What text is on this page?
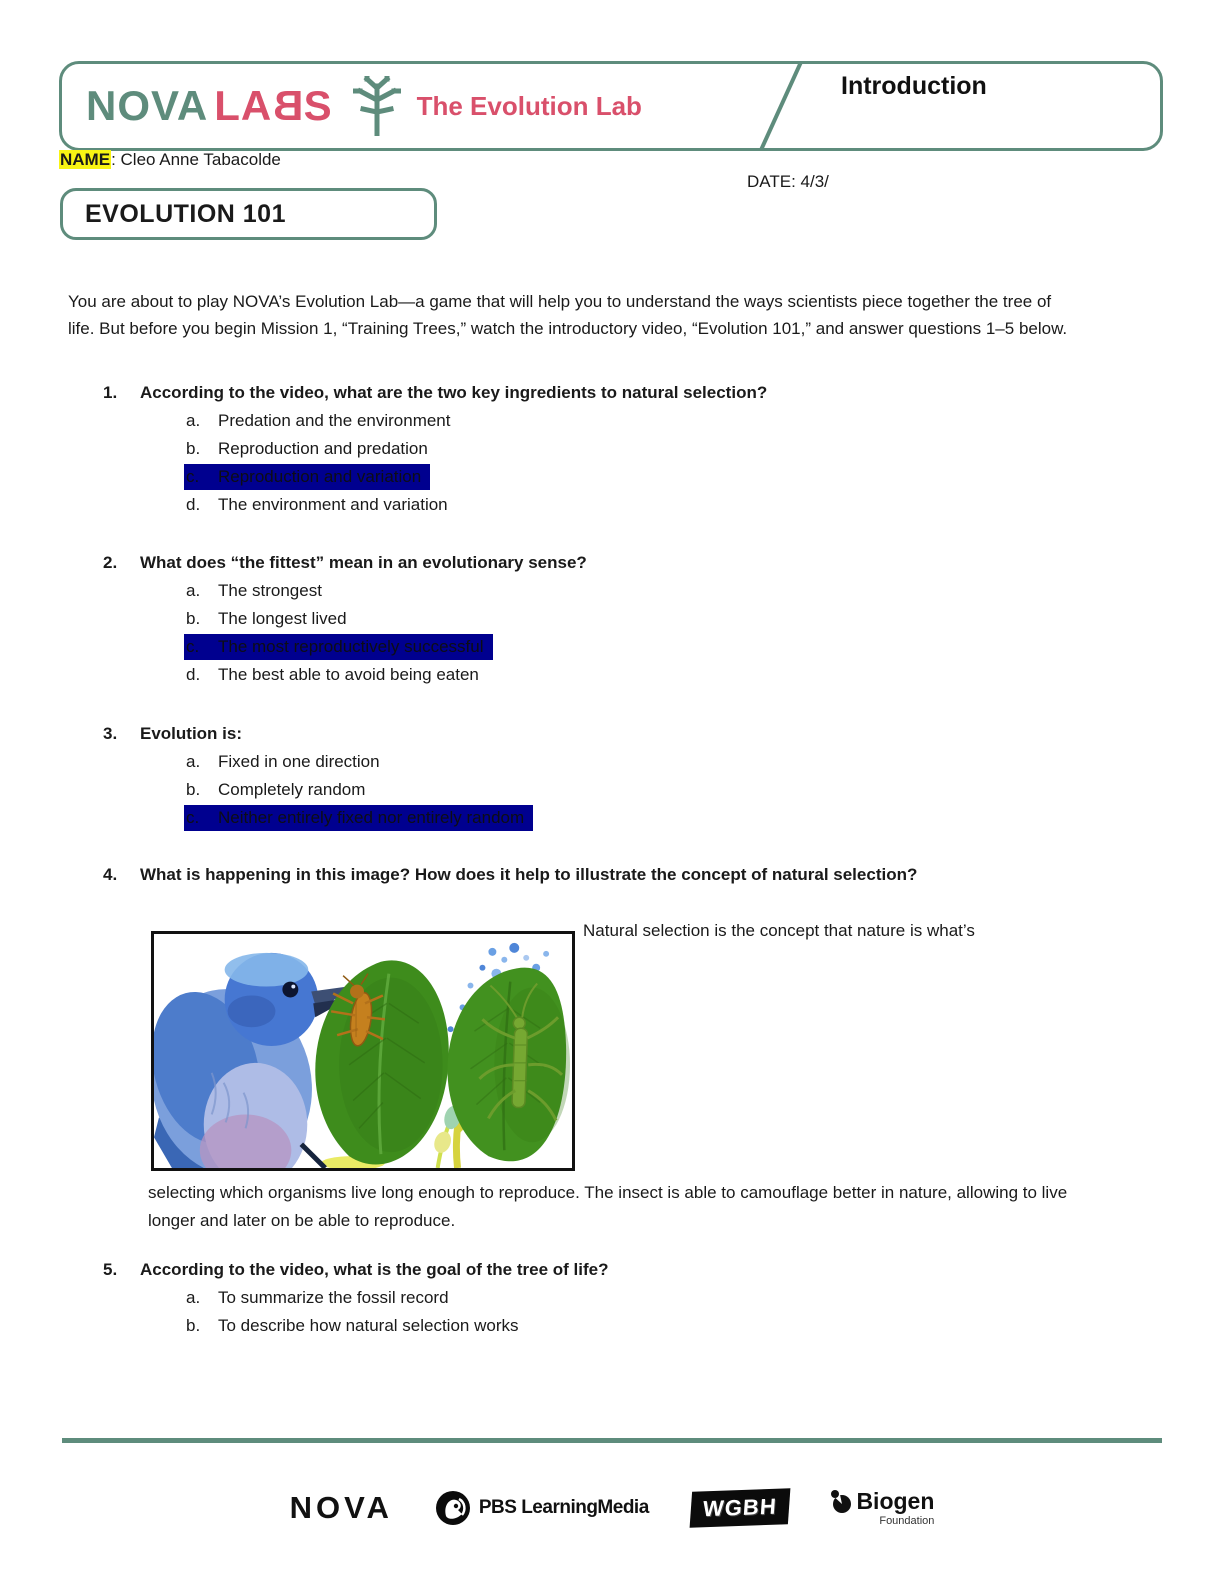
NOVA LABS	The Evolution Lab
Introduction
NAME: Cleo Anne Tabacolde
DATE: 4/3/
EVOLUTION 101

You are about to play NOVA’s Evolution Lab—a game that will help you to understand the ways scientists piece together the tree of life. But before you begin Mission 1, “Training Trees,” watch the introductory video, “Evolution 101,” and answer questions 1–5 below.

1.	According to the video, what are the two key ingredients to natural selection?
a. Predation and the environment
b. Reproduction and predation
c. Reproduction and variation
d. The environment and variation
2.	What does “the fittest” mean in an evolutionary sense?
a. The strongest
b. The longest lived
c. The most reproductively successful
d. The best able to avoid being eaten
3.	Evolution is:
a. Fixed in one direction
b. Completely random
c. Neither entirely fixed nor entirely random
4.	What is happening in this image? How does it help to illustrate the concept of natural selection?
Natural selection is the concept that nature is what’s
selecting which organisms live long enough to reproduce. The insect is able to camouflage better in nature, allowing to live longer and later on be able to reproduce.
5.	According to the video, what is the goal of the tree of life?
a. To summarize the fossil record
b. To describe how natural selection works
NOVA	PBS LearningMedia	WGBH	Biogen
Foundation
